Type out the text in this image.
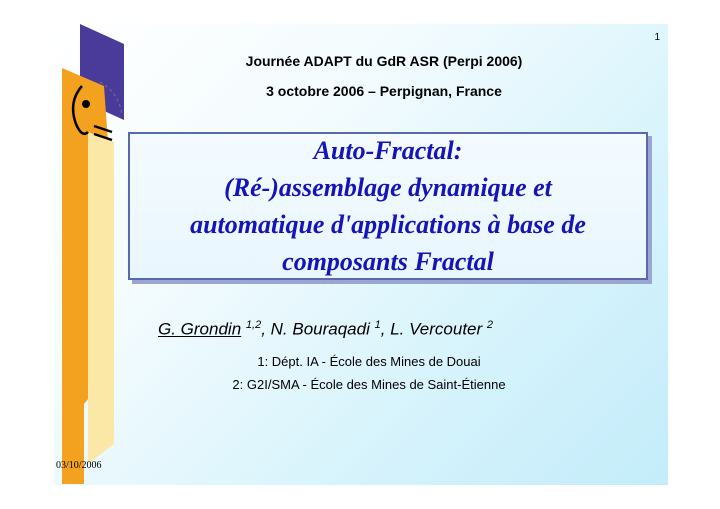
1
Journée ADAPT du GdR ASR (Perpi 2006)
3 octobre 2006 – Perpignan, France
Auto-Fractal:
(Ré-)assemblage dynamique et
automatique d'applications à base de
composants Fractal
G. Grondin $^{1,2}$, N. Bouraqadi $^1$, L. Vercouter $^2$
1: Dépt. IA - École des Mines de Douai
2: G2I/SMA - École des Mines de Saint-Étienne
03/10/2006
